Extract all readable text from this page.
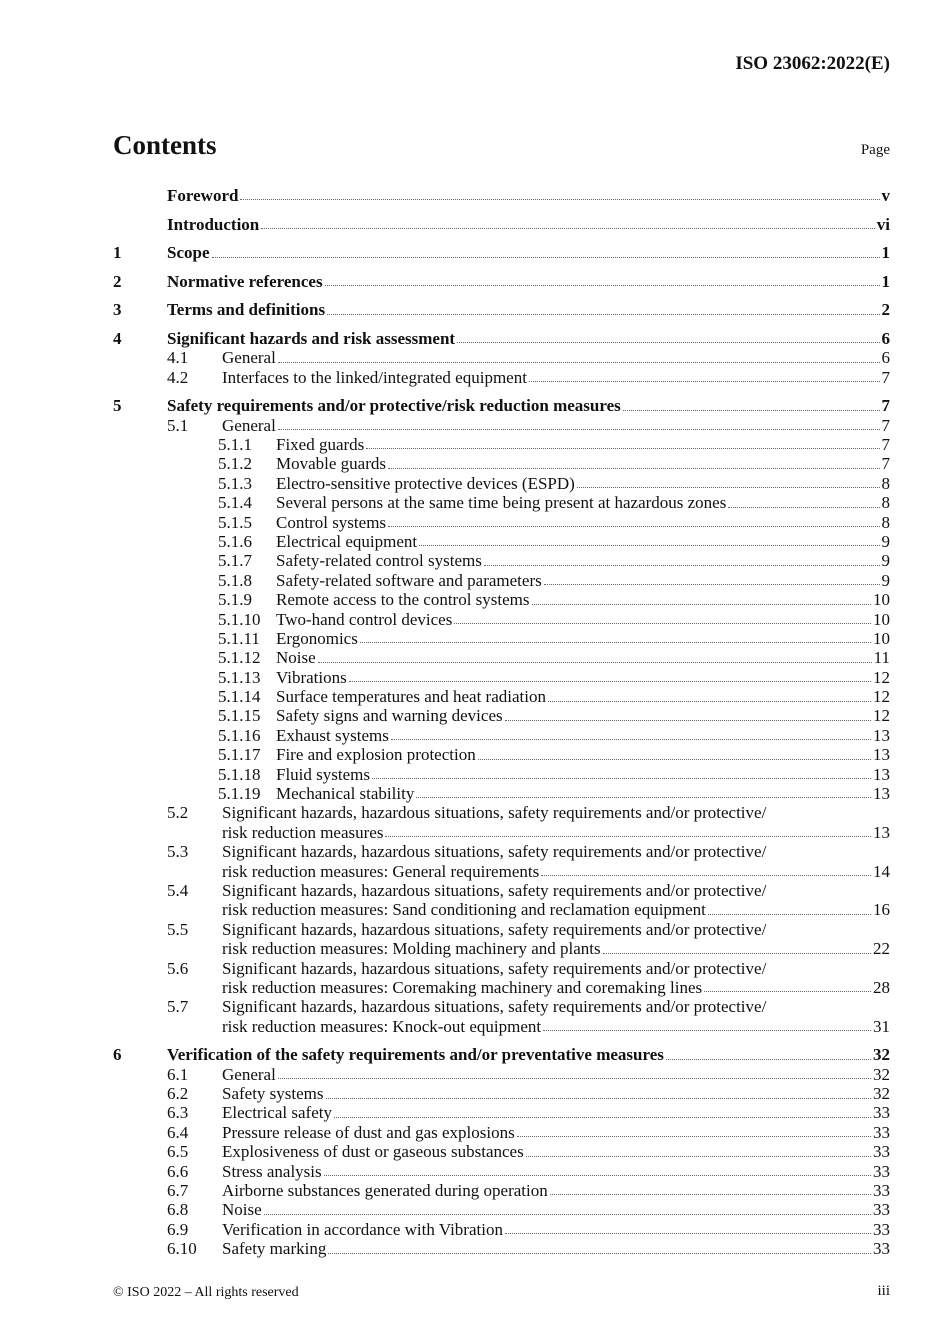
ISO 23062:2022(E)
Contents	Page
Foreword	v
Introduction	vi
1	Scope	1
2	Normative references	1
3	Terms and definitions	2
4	Significant hazards and risk assessment	6
4.1	General	6
4.2	Interfaces to the linked/integrated equipment	7
5	Safety requirements and/or protective/risk reduction measures	7
5.1	General	7
5.1.1	Fixed guards	7
5.1.2	Movable guards	7
5.1.3	Electro-sensitive protective devices (ESPD)	8
5.1.4	Several persons at the same time being present at hazardous zones	8
5.1.5	Control systems	8
5.1.6	Electrical equipment	9
5.1.7	Safety-related control systems	9
5.1.8	Safety-related software and parameters	9
5.1.9	Remote access to the control systems	10
5.1.10 Two-hand control devices	10
5.1.11 Ergonomics	10
5.1.12 Noise	11
5.1.13 Vibrations	12
5.1.14 Surface temperatures and heat radiation	12
5.1.15 Safety signs and warning devices	12
5.1.16 Exhaust systems	13
5.1.17 Fire and explosion protection	13
5.1.18 Fluid systems	13
5.1.19 Mechanical stability	13
5.2	Significant hazards, hazardous situations, safety requirements and/or protective/
risk reduction measures	13
5.3	Significant hazards, hazardous situations, safety requirements and/or protective/
risk reduction measures: General requirements	14
5.4	Significant hazards, hazardous situations, safety requirements and/or protective/
risk reduction measures: Sand conditioning and reclamation equipment	16
5.5	Significant hazards, hazardous situations, safety requirements and/or protective/
risk reduction measures: Molding machinery and plants	22
5.6	Significant hazards, hazardous situations, safety requirements and/or protective/
risk reduction measures: Coremaking machinery and coremaking lines	28
5.7	Significant hazards, hazardous situations, safety requirements and/or protective/
risk reduction measures: Knock-out equipment	31
6	Verification of the safety requirements and/or preventative measures	32
6.1	General	32
6.2	Safety systems	32
6.3	Electrical safety	33
6.4	Pressure release of dust and gas explosions	33
6.5	Explosiveness of dust or gaseous substances	33
6.6	Stress analysis	33
6.7	Airborne substances generated during operation	33
6.8	Noise	33
6.9	Verification in accordance with Vibration	33
6.10	Safety marking	33
© ISO 2022 – All rights reserved	iii
